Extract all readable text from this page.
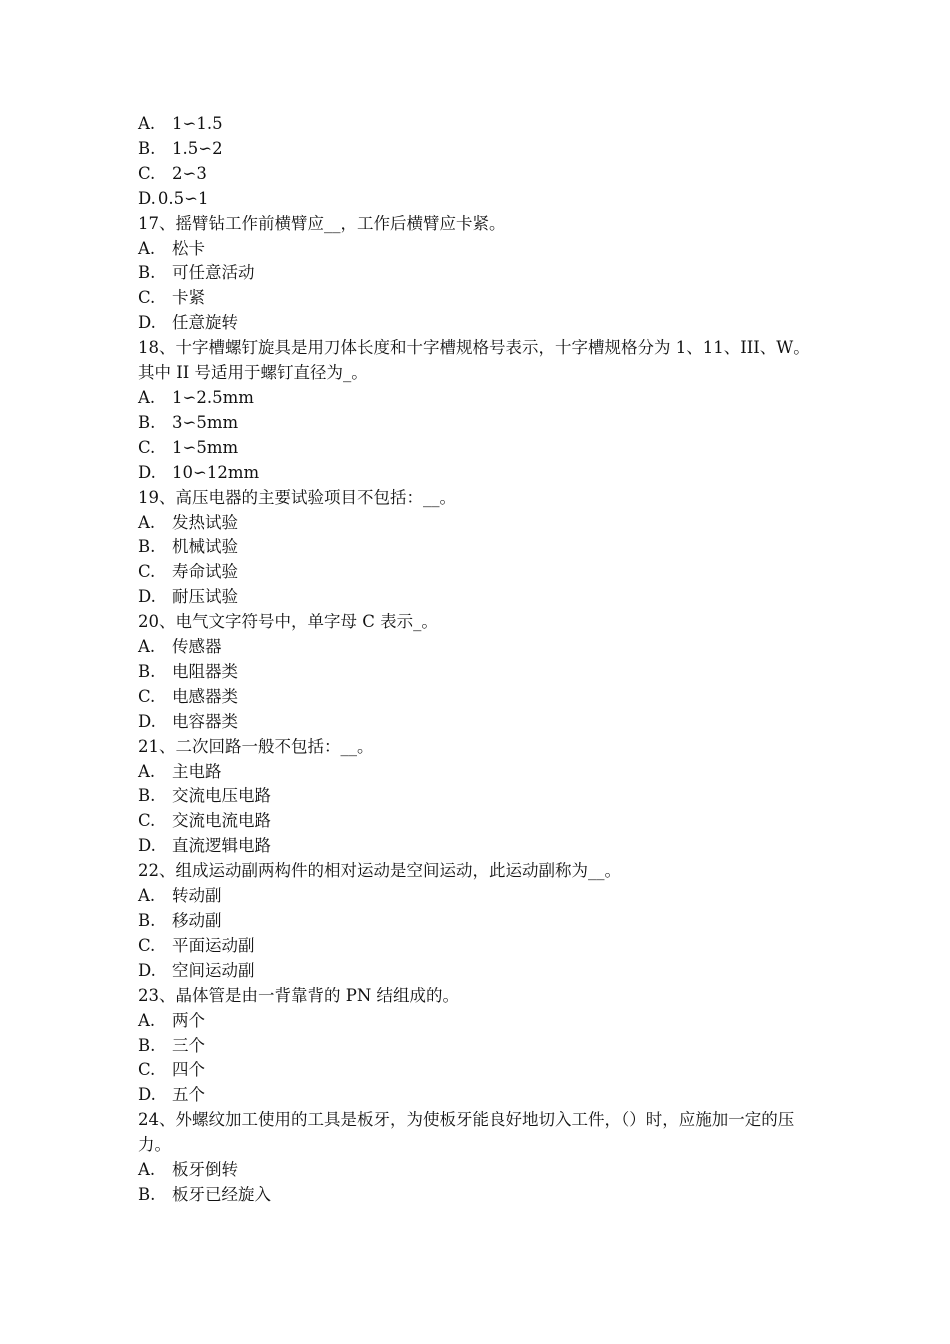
A. 1∽1.5
B. 1.5∽2
C. 2∽3
D. 0.5∽1
17、摇臂钻工作前横臂应__，工作后横臂应卡紧。
A. 松卡
B. 可任意活动
C. 卡紧
D. 任意旋转
18、十字槽螺钉旋具是用刀体长度和十字槽规格号表示，十字槽规格分为 1、11、III、W。其中 II 号适用于螺钉直径为_。
A. 1∽2.5mm
B. 3∽5mm
C. 1∽5mm
D. 10∽12mm
19、高压电器的主要试验项目不包括：__。
A. 发热试验
B. 机械试验
C. 寿命试验
D. 耐压试验
20、电气文字符号中，单字母 C 表示_。
A. 传感器
B. 电阻器类
C. 电感器类
D. 电容器类
21、二次回路一般不包括：__。
A. 主电路
B. 交流电压电路
C. 交流电流电路
D. 直流逻辑电路
22、组成运动副两构件的相对运动是空间运动，此运动副称为__。
A. 转动副
B. 移动副
C. 平面运动副
D. 空间运动副
23、晶体管是由一背靠背的 PN 结组成的。
A. 两个
B. 三个
C. 四个
D. 五个
24、外螺纹加工使用的工具是板牙，为使板牙能良好地切入工件，（）时，应施加一定的压力。
A. 板牙倒转
B. 板牙已经旋入
